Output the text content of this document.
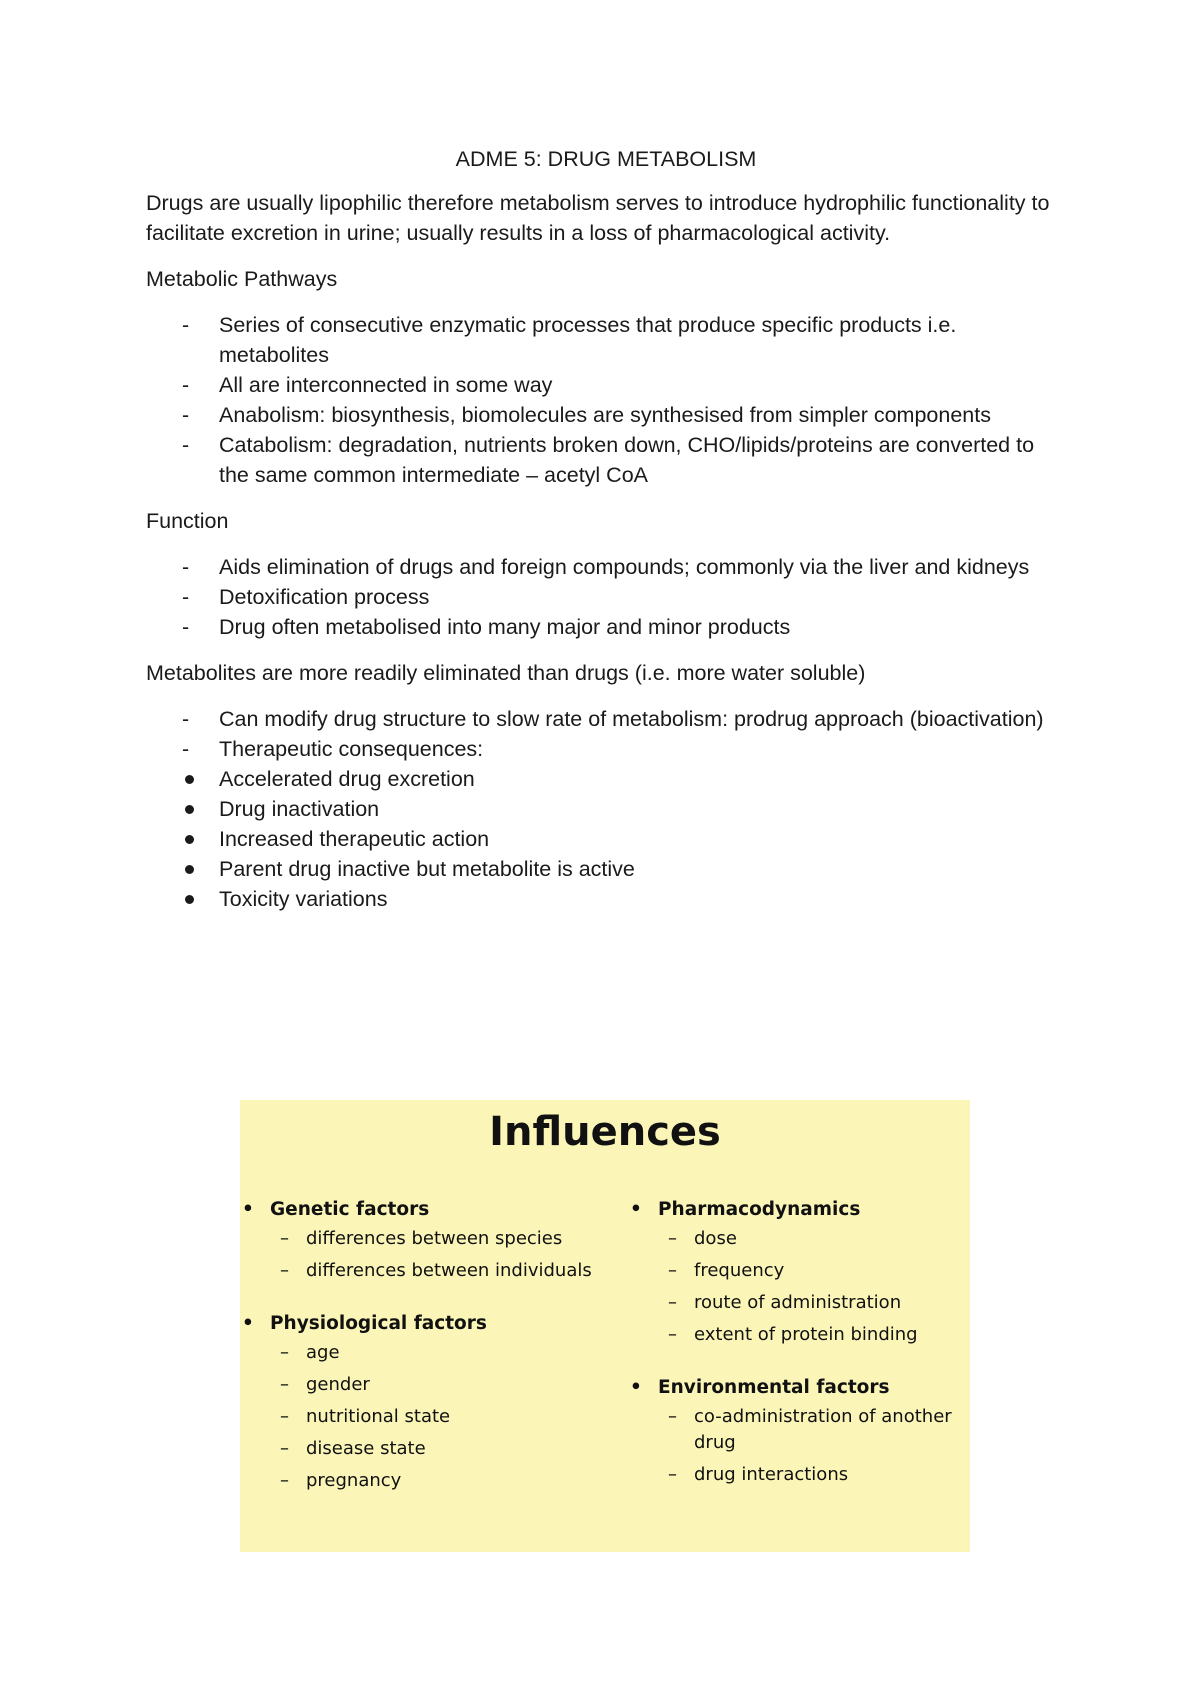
ADME 5: DRUG METABOLISM

Drugs are usually lipophilic therefore metabolism serves to introduce hydrophilic functionality to facilitate excretion in urine; usually results in a loss of pharmacological activity.

Metabolic Pathways
- Series of consecutive enzymatic processes that produce specific products i.e. metabolites
- All are interconnected in some way
- Anabolism: biosynthesis, biomolecules are synthesised from simpler components
- Catabolism: degradation, nutrients broken down, CHO/lipids/proteins are converted to the same common intermediate – acetyl CoA
Function
- Aids elimination of drugs and foreign compounds; commonly via the liver and kidneys
- Detoxification process
- Drug often metabolised into many major and minor products
Metabolites are more readily eliminated than drugs (i.e. more water soluble)
- Can modify drug structure to slow rate of metabolism: prodrug approach (bioactivation)
- Therapeutic consequences:
Accelerated drug excretion
Drug inactivation
Increased therapeutic action
Parent drug inactive but metabolite is active
Toxicity variations
Influences
• Genetic factors
– differences between species
– differences between individuals
• Physiological factors
– age
– gender
– nutritional state
– disease state
– pregnancy
• Pharmacodynamics
– dose
– frequency
– route of administration
– extent of protein binding
• Environmental factors
– co-administration of another drug
– drug interactions
